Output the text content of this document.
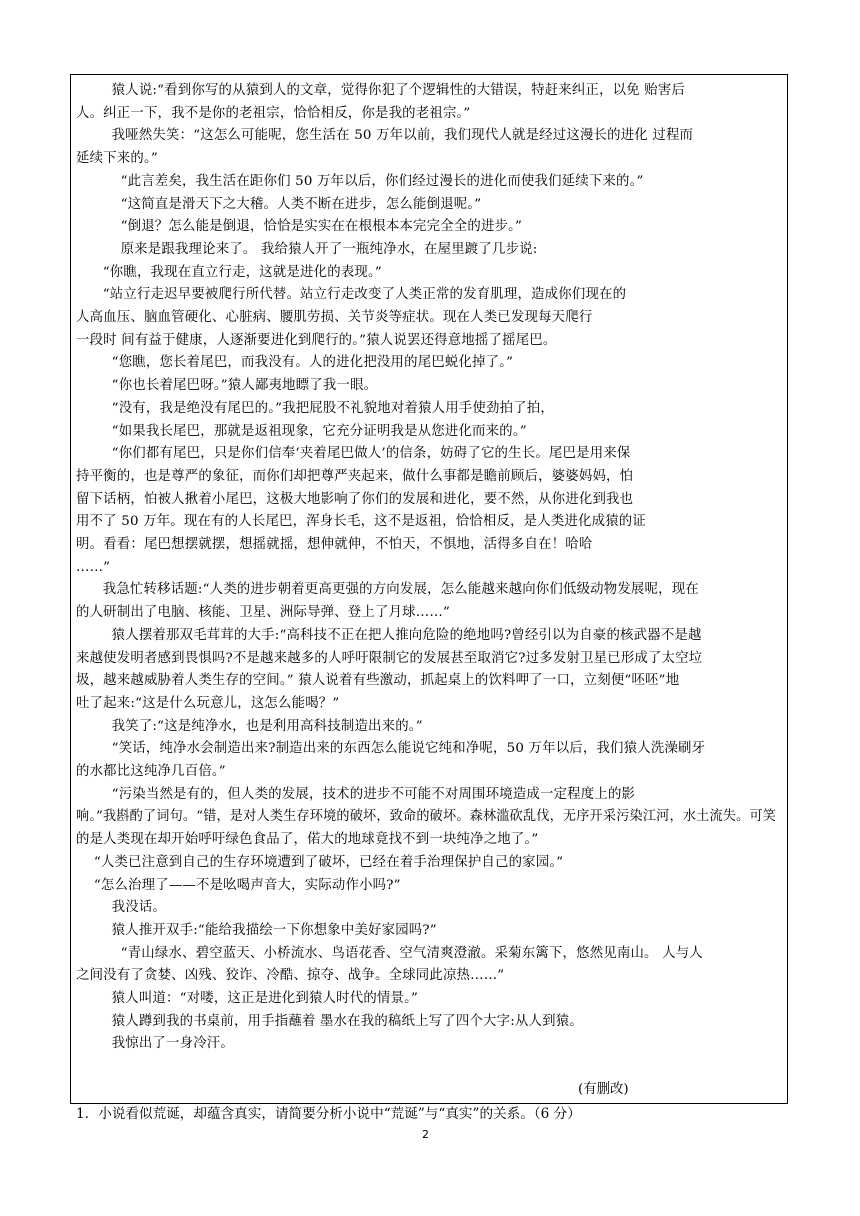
猿人说:“看到你写的从猿到人的文章，觉得你犯了个逻辑性的大错误，特赶来纠正，以免 贻害后
人。纠正一下，我不是你的老祖宗，恰恰相反，你是我的老祖宗。”
我哑然失笑：“这怎么可能呢，您生活在 50 万年以前，我们现代人就是经过这漫长的进化 过程而
延续下来的。”
“此言差矣，我生活在距你们 50 万年以后，你们经过漫长的进化而使我们延续下来的。”
“这简直是滑天下之大稽。人类不断在进步，怎么能倒退呢。”
“倒退？怎么能是倒退，恰恰是实实在在根根本本完完全全的进步。”
原来是跟我理论来了。 我给猿人开了一瓶纯净水，在屋里踱了几步说:
“你瞧，我现在直立行走，这就是进化的表现。”
“站立行走迟早要被爬行所代替。站立行走改变了人类正常的发育肌理，造成你们现在的
人高血压、脑血管硬化、心脏病、腰肌劳损、关节炎等症状。现在人类已发现每天爬行
一段时 间有益于健康，人逐渐要进化到爬行的。”猿人说罢还得意地摇了摇尾巴。
“您瞧，您长着尾巴，而我没有。人的进化把没用的尾巴蜕化掉了。”
“你也长着尾巴呀。”猿人鄙夷地瞟了我一眼。
“没有，我是绝没有尾巴的。”我把屁股不礼貌地对着猿人用手使劲拍了拍，
“如果我长尾巴，那就是返祖现象，它充分证明我是从您进化而来的。”
“你们都有尾巴，只是你们信奉‘夹着尾巴做人’的信条，妨碍了它的生长。尾巴是用来保
持平衡的，也是尊严的象征，而你们却把尊严夹起来，做什么事都是瞻前顾后，婆婆妈妈，怕
留下话柄，怕被人揪着小尾巴，这极大地影响了你们的发展和进化，要不然，从你进化到我也
用不了 50 万年。现在有的人长尾巴，浑身长毛，这不是返祖，恰恰相反，是人类进化成猿的证
明。看看：尾巴想摆就摆，想摇就摇，想伸就伸，不怕天，不惧地，活得多自在！哈哈
……”
我急忙转移话题:“人类的进步朝着更高更强的方向发展，怎么能越来越向你们低级动物发展呢，现在
的人研制出了电脑、核能、卫星、洲际导弹、登上了月球……”
猿人摆着那双毛茸茸的大手:“高科技不正在把人推向危险的绝地吗?曾经引以为自豪的核武器不是越
来越使发明者感到畏惧吗?不是越来越多的人呼吁限制它的发展甚至取消它?过多发射卫星已形成了太空垃
圾，越来越威胁着人类生存的空间。” 猿人说着有些激动，抓起桌上的饮料呷了一口，立刻便“呸呸”地
吐了起来:“这是什么玩意儿，这怎么能喝？”
我笑了:“这是纯净水，也是利用高科技制造出来的。”
“笑话，纯净水会制造出来?制造出来的东西怎么能说它纯和净呢，50 万年以后，我们猿人洗澡刷牙
的水都比这纯净几百倍。”
“污染当然是有的，但人类的发展，技术的进步不可能不对周围环境造成一定程度上的影
响。”我斟酌了词句。“错，是对人类生存环境的破坏，致命的破坏。森林滥砍乱伐，无序开采污染江河，水土流失。可笑
的是人类现在却开始呼吁绿色食品了，偌大的地球竟找不到一块纯净之地了。”
“人类已注意到自己的生存环境遭到了破坏，已经在着手治理保护自己的家园。”
“怎么治理了——不是吆喝声音大，实际动作小吗?”
我没话。
猿人推开双手:“能给我描绘一下你想象中美好家园吗?”
“青山绿水、碧空蓝天、小桥流水、鸟语花香、空气清爽澄澈。采菊东篱下，悠然见南山。 人与人
之间没有了贪婪、凶残、狡诈、冷酷、掠夺、战争。全球同此凉热……”
猿人叫道：“对喽，这正是进化到猿人时代的情景。”
猿人蹲到我的书桌前，用手指蘸着 墨水在我的稿纸上写了四个大字:从人到猿。
我惊出了一身冷汗。
(有删改)
1．小说看似荒诞，却蕴含真实，请简要分析小说中“荒诞”与“真实”的关系。（6 分）
2
